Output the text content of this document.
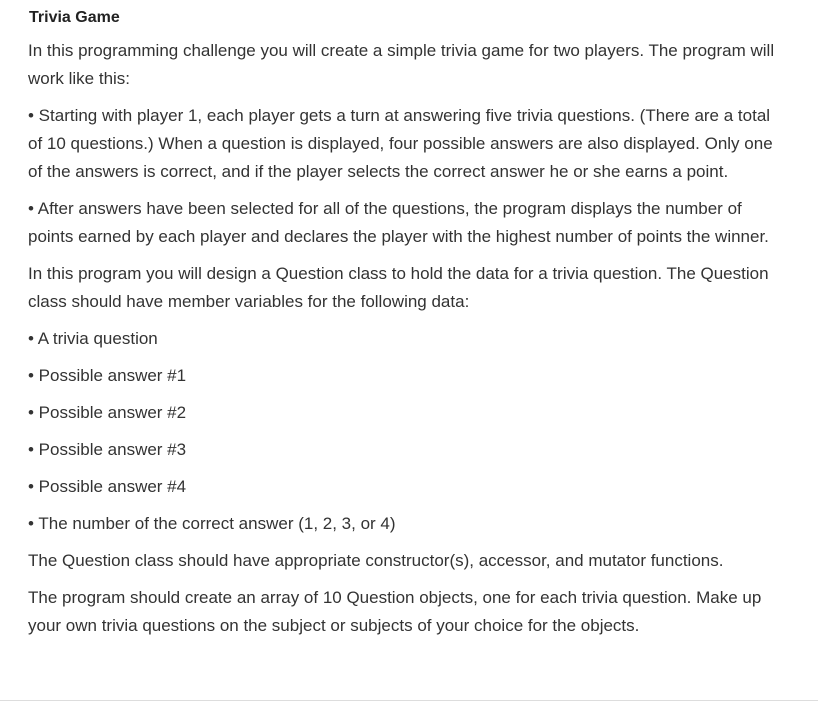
Trivia Game

In this programming challenge you will create a simple trivia game for two players. The program will work like this:

• Starting with player 1, each player gets a turn at answering five trivia questions. (There are a total of 10 questions.) When a question is displayed, four possible answers are also displayed. Only one of the answers is correct, and if the player selects the correct answer he or she earns a point.

• After answers have been selected for all of the questions, the program displays the number of points earned by each player and declares the player with the highest number of points the winner.

In this program you will design a Question class to hold the data for a trivia question. The Question class should have member variables for the following data:

• A trivia question

• Possible answer #1

• Possible answer #2

• Possible answer #3

• Possible answer #4

• The number of the correct answer (1, 2, 3, or 4)

The Question class should have appropriate constructor(s), accessor, and mutator functions.

The program should create an array of 10 Question objects, one for each trivia question. Make up your own trivia questions on the subject or subjects of your choice for the objects.
